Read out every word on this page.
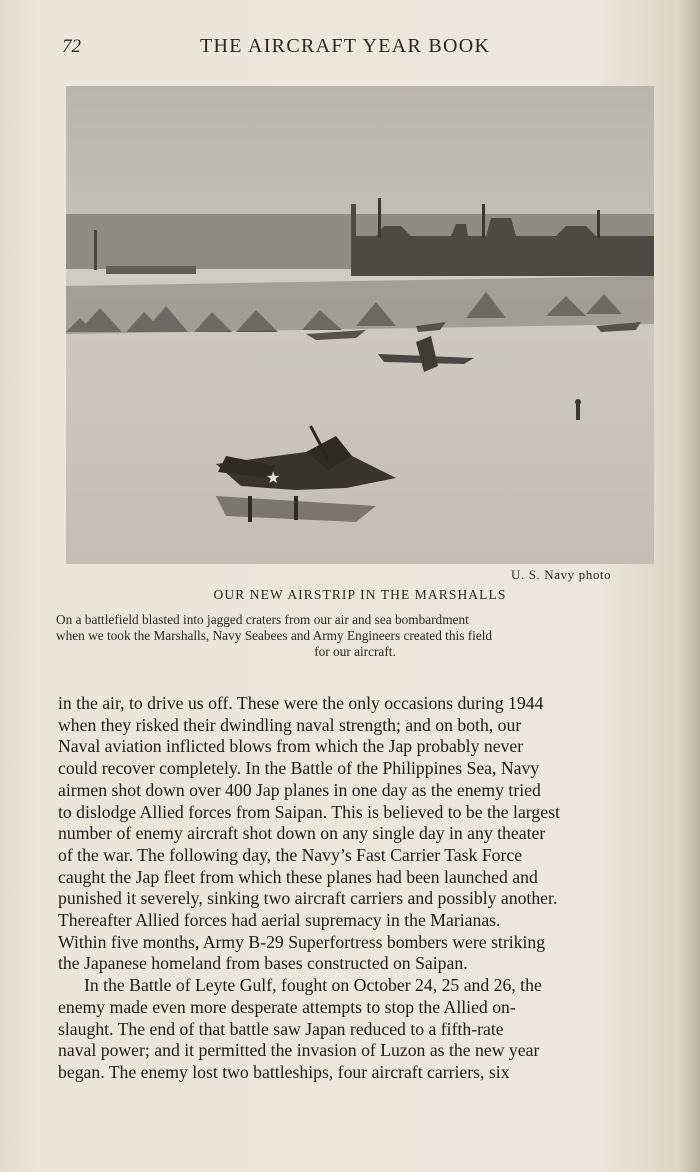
72	THE AIRCRAFT YEAR BOOK
★
U. S. Navy photo
OUR NEW AIRSTRIP IN THE MARSHALLS
On a battlefield blasted into jagged craters from our air and sea bombardment
when we took the Marshalls, Navy Seabees and Army Engineers created this field
for our aircraft.
in the air, to drive us off. These were the only occasions during 1944
when they risked their dwindling naval strength; and on both, our
Naval aviation inflicted blows from which the Jap probably never
could recover completely. In the Battle of the Philippines Sea, Navy
airmen shot down over 400 Jap planes in one day as the enemy tried
to dislodge Allied forces from Saipan. This is believed to be the largest
number of enemy aircraft shot down on any single day in any theater
of the war. The following day, the Navy’s Fast Carrier Task Force
caught the Jap fleet from which these planes had been launched and
punished it severely, sinking two aircraft carriers and possibly another.
Thereafter Allied forces had aerial supremacy in the Marianas.
Within five months, Army B-29 Superfortress bombers were striking
the Japanese homeland from bases constructed on Saipan.
In the Battle of Leyte Gulf, fought on October 24, 25 and 26, the
enemy made even more desperate attempts to stop the Allied on-
slaught. The end of that battle saw Japan reduced to a fifth-rate
naval power; and it permitted the invasion of Luzon as the new year
began. The enemy lost two battleships, four aircraft carriers, six
